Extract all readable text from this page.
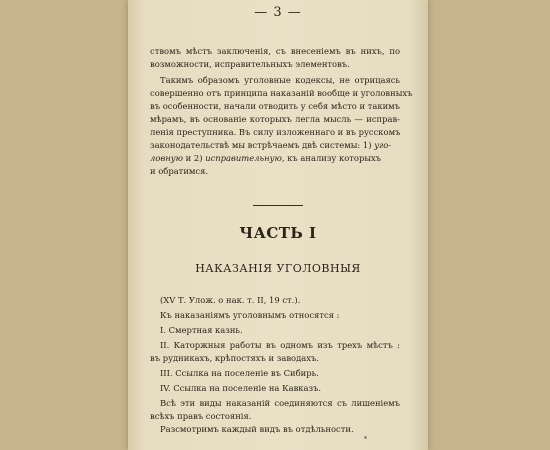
— 3 —
ствомъ мѣстъ заключенія, съ внесеніемъ въ нихъ, по
возможности, исправительныхъ элементовъ.
Такимъ образомъ уголовные кодексы, не отрицаясь
совершенно отъ принципа наказаній вообще и уголовныхъ
въ особенности, начали отводить у себя мѣсто и такимъ
мѣрамъ, въ основаніе которыхъ легла мысль — исправ-
ленія преступника. Въ силу изложеннаго и въ русскомъ
законодательствѣ мы встрѣчаемъ двѣ системы: 1) уго-
ловную и 2) исправительную, къ анализу которыхъ
и обратимся.
ЧАСТЬ I
НАКАЗАНІЯ УГОЛОВНЫЯ
(XV Т. Улож. о нак. т. II, 19 ст.).
Къ наказаніямъ уголовнымъ относятся :
I. Смертная казнь.
II. Каторжныя работы въ одномъ изъ трехъ мѣстъ :
въ рудникахъ, крѣпостяхъ и заводахъ.
III. Ссылка на поселеніе въ Сибирь.
IV. Ссылка на поселеніе на Кавказъ.
Всѣ эти виды наказаній соединяются съ лишеніемъ
всѣхъ правъ состоянія.
Разсмотримъ каждый видъ въ отдѣльности.
*
